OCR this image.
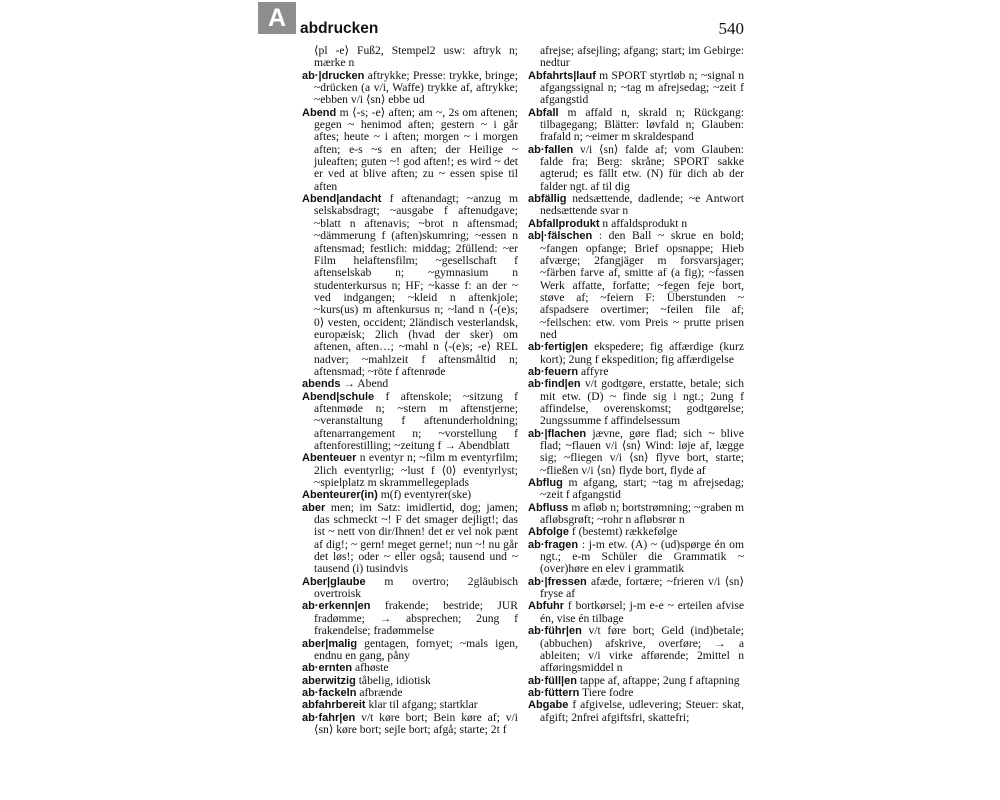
A abdrucken	540

⟨pl -e⟩ Fuß2, Stempel2 usw: aftryk n; mærke n

ab·|drucken aftrykke; Presse: trykke, bringe; ~drücken (a v/i, Waffe) trykke af, aftrykke; ~ebben v/i ⟨sn⟩ ebbe ud

Abend m ⟨-s; -e⟩ aften; am ~, 2s om aftenen; gegen ~ henimod aften; gestern ~ i går aftes; heute ~ i aften; morgen ~ i morgen aften; e-s ~s en aften; der Heilige ~ juleaften; guten ~! god aften!; es wird ~ det er ved at blive aften; zu ~ essen spise til aften

Abend|andacht f aftenandagt; ~anzug m selskabsdragt; ~ausgabe f aftenudgave; ~blatt n aftenavis; ~brot n aftensmad; ~dämmerung f (aften)skumring; ~essen n aftensmad; festlich: middag; 2füllend: ~er Film helaftensfilm; ~gesellschaft f aftenselskab n; ~gymnasium n studenterkursus n; HF; ~kasse f: an der ~ ved indgangen; ~kleid n aftenkjole; ~kurs(us) m aftenkursus n; ~land n ⟨-(e)s; 0⟩ vesten, occident; 2ländisch vesterlandsk, europæisk; 2lich (hvad der sker) om aftenen, aften…; ~mahl n ⟨-(e)s; -e⟩ REL nadver; ~mahlzeit f aftensmåltid n; aftensmad; ~röte f aftenrøde

abends → Abend

Abend|schule f aftenskole; ~sitzung f aftenmøde n; ~stern m aftenstjerne; ~veranstaltung f aftenunderholdning; aftenarrangement n; ~vorstellung f aftenforestilling; ~zeitung f → Abendblatt

Abenteuer n eventyr n; ~film m eventyrfilm; 2lich eventyrlig; ~lust f ⟨0⟩ eventyrlyst; ~spielplatz m skrammellegeplads

Abenteurer(in) m(f) eventyrer(ske)

aber men; im Satz: imidlertid, dog; jamen; das schmeckt ~! F det smager dejligt!; das ist ~ nett von dir/Ihnen! det er vel nok pænt af dig!; ~ gern! meget gerne!; nun ~! nu går det løs!; oder ~ eller også; tausend und ~ tausend (i) tusindvis

Aber|glaube m overtro; 2gläubisch overtroisk

ab·erkenn|en frakende; bestride; JUR fradømme; → absprechen; 2ung f frakendelse; fradømmelse

aber|malig gentagen, fornyet; ~mals igen, endnu en gang, påny

ab·ernten afhøste

aberwitzig tåbelig, idiotisk

ab·fackeln afbrænde

abfahrbereit klar til afgang; startklar

ab·fahr|en v/t køre bort; Bein køre af; v/i ⟨sn⟩ køre bort; sejle bort; afgå; starte; 2t f

afrejse; afsejling; afgang; start; im Gebirge: nedtur

Abfahrts|lauf m SPORT styrtløb n; ~signal n afgangssignal n; ~tag m afrejsedag; ~zeit f afgangstid

Abfall m affald n, skrald n; Rückgang: tilbagegang; Blätter: løvfald n; Glauben: frafald n; ~eimer m skraldespand

ab·fallen v/i ⟨sn⟩ falde af; vom Glauben: falde fra; Berg: skråne; SPORT sakke agterud; es fällt etw. (N) für dich ab der falder ngt. af til dig

abfällig nedsættende, dadlende; ~e Antwort nedsættende svar n

Abfallprodukt n affaldsprodukt n

ab|·fälschen : den Ball ~ skrue en bold; ~fangen opfange; Brief opsnappe; Hieb afværge; 2fangjäger m forsvarsjager; ~färben farve af, smitte af (a fig); ~fassen Werk affatte, forfatte; ~fegen feje bort, støve af; ~feiern F: Überstunden ~ afspadsere overtimer; ~feilen file af; ~feilschen: etw. vom Preis ~ prutte prisen ned

ab·fertig|en ekspedere; fig affærdige (kurz kort); 2ung f ekspedition; fig affærdigelse

ab·feuern affyre

ab·find|en v/t godtgøre, erstatte, betale; sich mit etw. (D) ~ finde sig i ngt.; 2ung f affindelse, overenskomst; godtgørelse; 2ungssumme f affindelsessum

ab·|flachen jævne, gøre flad; sich ~ blive flad; ~flauen v/i ⟨sn⟩ Wind: løje af, lægge sig; ~fliegen v/i ⟨sn⟩ flyve bort, starte; ~fließen v/i ⟨sn⟩ flyde bort, flyde af

Abflug m afgang, start; ~tag m afrejsedag; ~zeit f afgangstid

Abfluss m afløb n; bortstrømning; ~graben m afløbsgrøft; ~rohr n afløbsrør n

Abfolge f (bestemt) rækkefølge

ab·fragen : j-m etw. (A) ~ (ud)spørge én om ngt.; e-m Schüler die Grammatik ~ (over)høre en elev i grammatik

ab·|fressen afæde, fortære; ~frieren v/i ⟨sn⟩ fryse af

Abfuhr f bortkørsel; j-m e-e ~ erteilen afvise én, vise én tilbage

ab·führ|en v/t føre bort; Geld (ind)betale; (abbuchen) afskrive, overføre; → a ableiten; v/i virke afførende; 2mittel n afføringsmiddel n

ab·füll|en tappe af, aftappe; 2ung f aftapning

ab·füttern Tiere fodre

Abgabe f afgivelse, udlevering; Steuer: skat, afgift; 2nfrei afgiftsfri, skattefri;
